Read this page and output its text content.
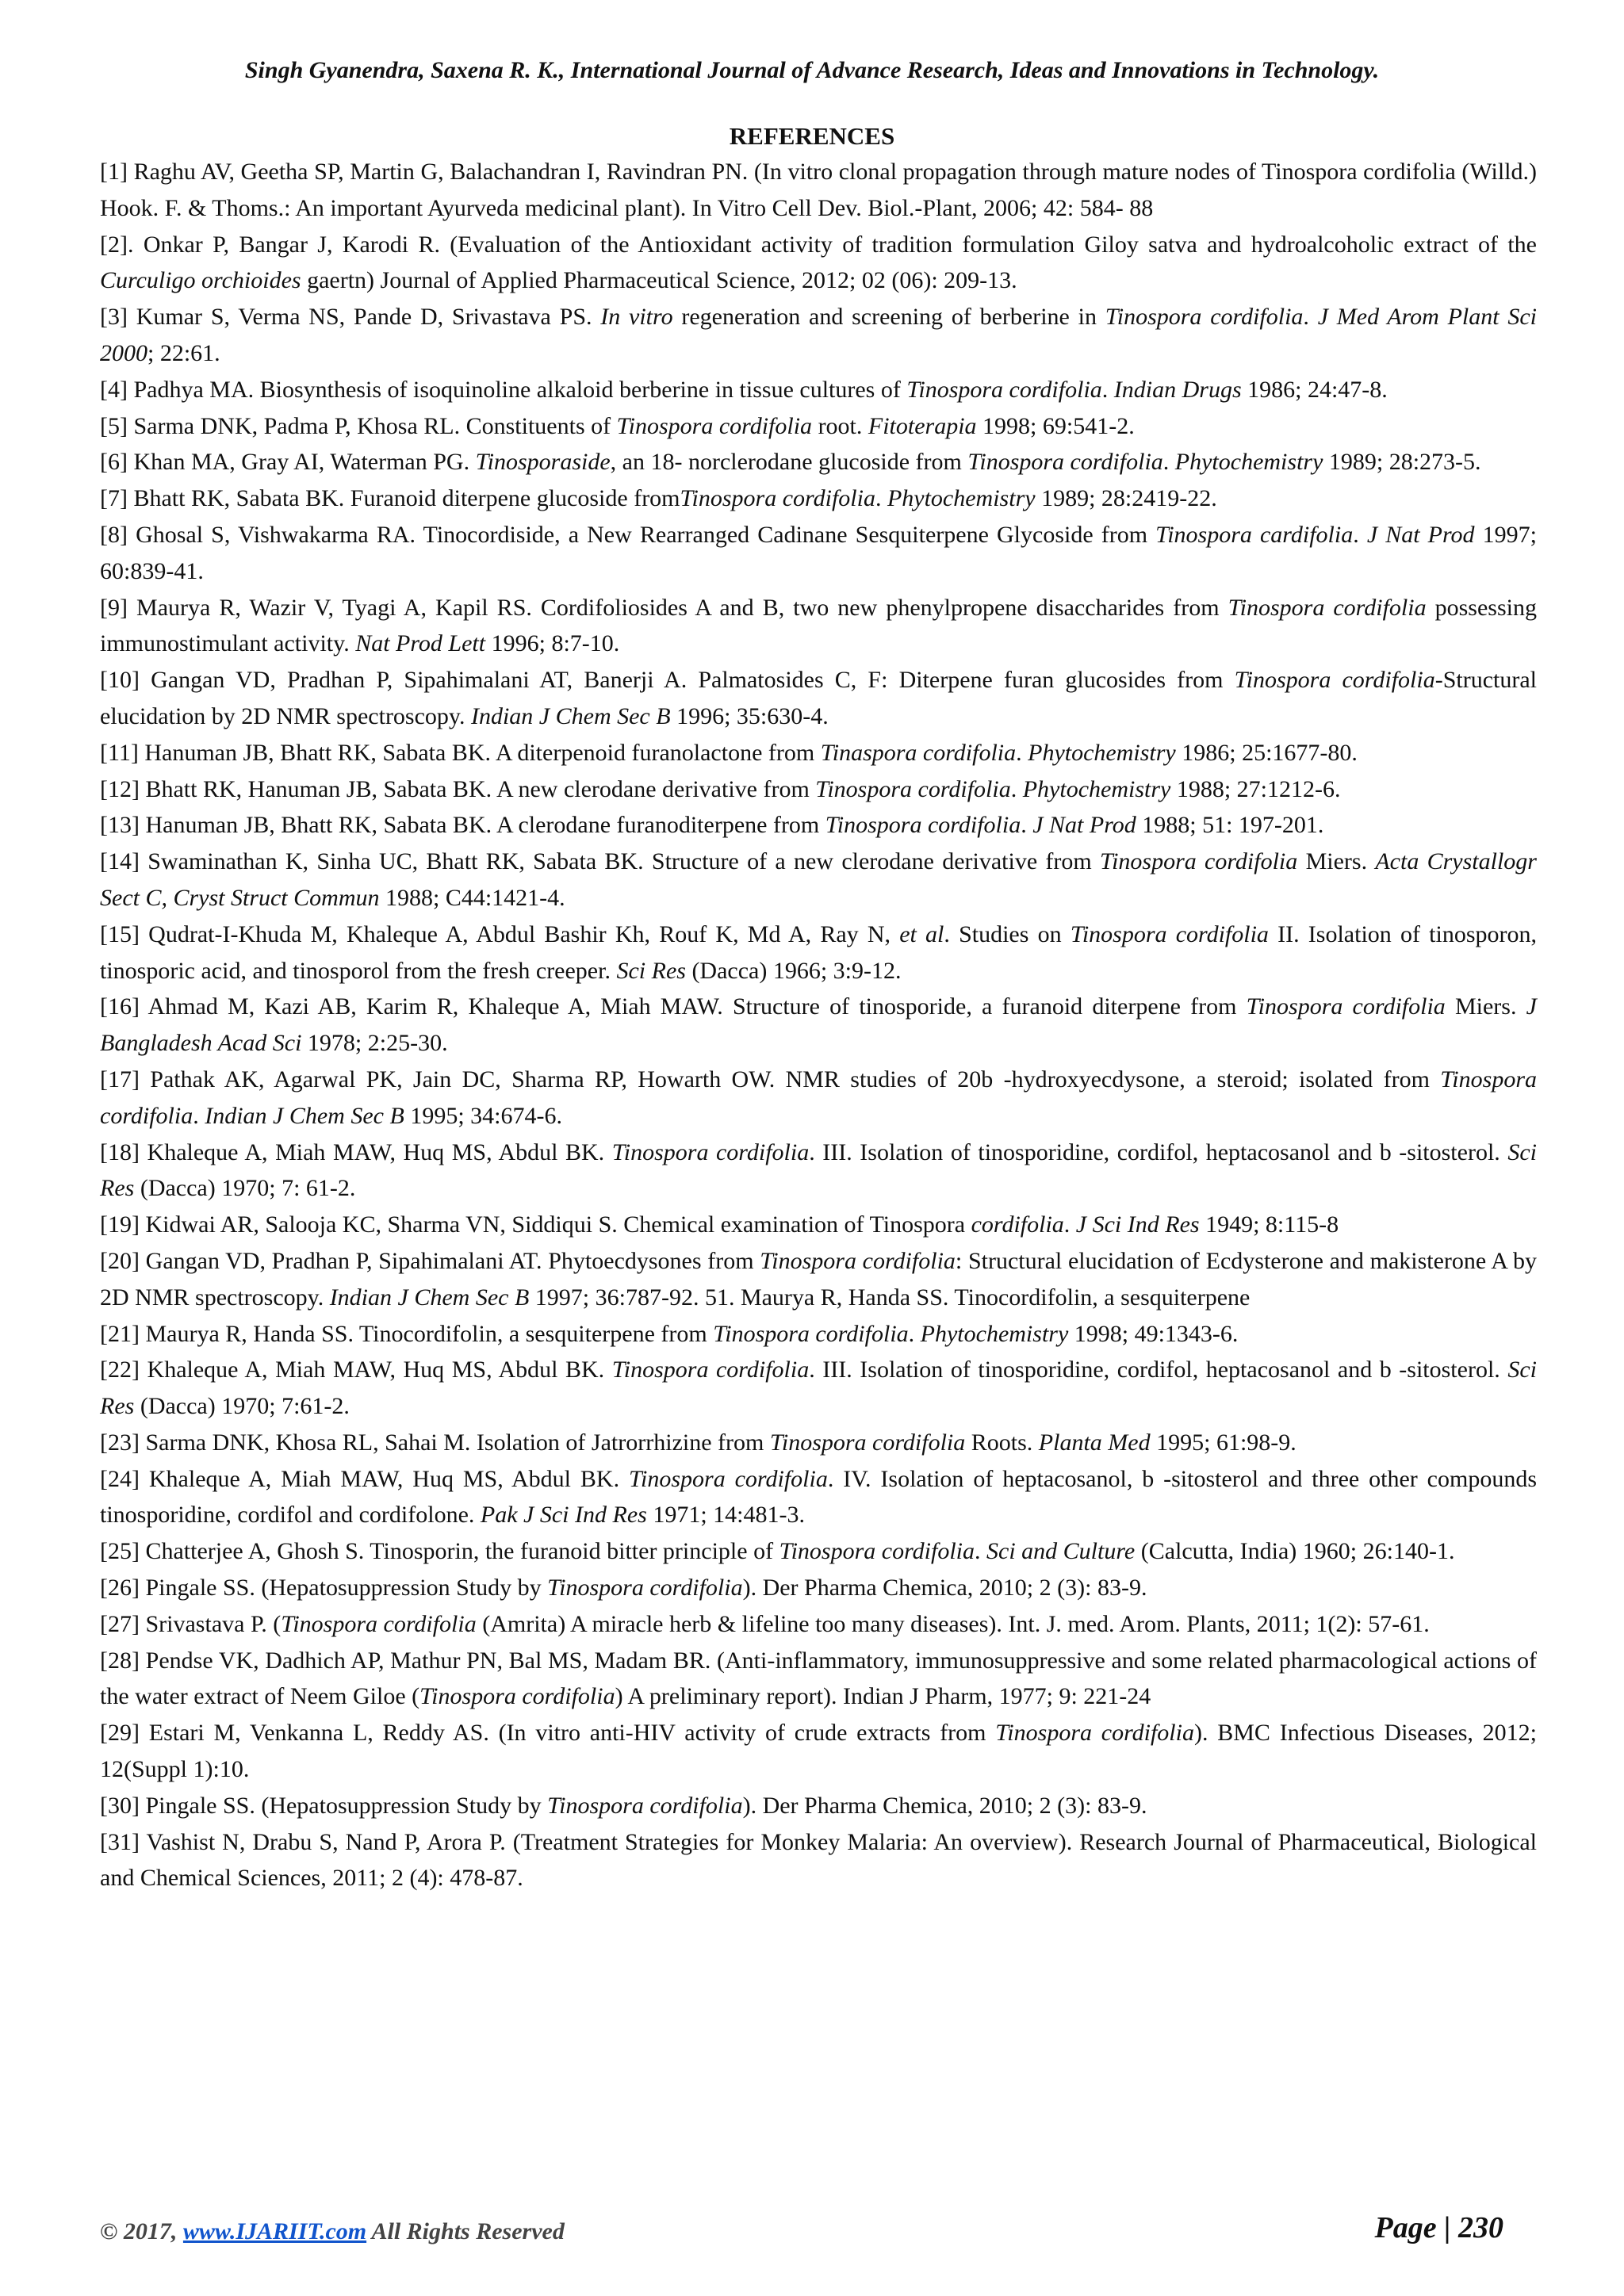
Singh Gyanendra, Saxena R. K., International Journal of Advance Research, Ideas and Innovations in Technology.
REFERENCES

[1] Raghu AV, Geetha SP, Martin G, Balachandran I, Ravindran PN. (In vitro clonal propagation through mature nodes of Tinospora cordifolia (Willd.) Hook. F. & Thoms.: An important Ayurveda medicinal plant). In Vitro Cell Dev. Biol.-Plant, 2006; 42: 584- 88

[2]. Onkar P, Bangar J, Karodi R. (Evaluation of the Antioxidant activity of tradition formulation Giloy satva and hydroalcoholic extract of the Curculigo orchioides gaertn) Journal of Applied Pharmaceutical Science, 2012; 02 (06): 209-13.

[3] Kumar S, Verma NS, Pande D, Srivastava PS. In vitro regeneration and screening of berberine in Tinospora cordifolia. J Med Arom Plant Sci 2000; 22:61.

[4] Padhya MA. Biosynthesis of isoquinoline alkaloid berberine in tissue cultures of Tinospora cordifolia. Indian Drugs 1986; 24:47-8.

[5] Sarma DNK, Padma P, Khosa RL. Constituents of Tinospora cordifolia root. Fitoterapia 1998; 69:541-2.

[6] Khan MA, Gray AI, Waterman PG. Tinosporaside, an 18- norclerodane glucoside from Tinospora cordifolia. Phytochemistry 1989; 28:273-5.

[7] Bhatt RK, Sabata BK. Furanoid diterpene glucoside fromTinospora cordifolia. Phytochemistry 1989; 28:2419-22.

[8] Ghosal S, Vishwakarma RA. Tinocordiside, a New Rearranged Cadinane Sesquiterpene Glycoside from Tinospora cardifolia. J Nat Prod 1997; 60:839-41.

[9] Maurya R, Wazir V, Tyagi A, Kapil RS. Cordifoliosides A and B, two new phenylpropene disaccharides from Tinospora cordifolia possessing immunostimulant activity. Nat Prod Lett 1996; 8:7-10.

[10] Gangan VD, Pradhan P, Sipahimalani AT, Banerji A. Palmatosides C, F: Diterpene furan glucosides from Tinospora cordifolia-Structural elucidation by 2D NMR spectroscopy. Indian J Chem Sec B 1996; 35:630-4.

[11] Hanuman JB, Bhatt RK, Sabata BK. A diterpenoid furanolactone from Tinaspora cordifolia. Phytochemistry 1986; 25:1677-80.

[12] Bhatt RK, Hanuman JB, Sabata BK. A new clerodane derivative from Tinospora cordifolia. Phytochemistry 1988; 27:1212-6.

[13] Hanuman JB, Bhatt RK, Sabata BK. A clerodane furanoditerpene from Tinospora cordifolia. J Nat Prod 1988; 51: 197-201.

[14] Swaminathan K, Sinha UC, Bhatt RK, Sabata BK. Structure of a new clerodane derivative from Tinospora cordifolia Miers. Acta Crystallogr Sect C, Cryst Struct Commun 1988; C44:1421-4.

[15] Qudrat-I-Khuda M, Khaleque A, Abdul Bashir Kh, Rouf K, Md A, Ray N, et al. Studies on Tinospora cordifolia II. Isolation of tinosporon, tinosporic acid, and tinosporol from the fresh creeper. Sci Res (Dacca) 1966; 3:9-12.

[16] Ahmad M, Kazi AB, Karim R, Khaleque A, Miah MAW. Structure of tinosporide, a furanoid diterpene from Tinospora cordifolia Miers. J Bangladesh Acad Sci 1978; 2:25-30.

[17] Pathak AK, Agarwal PK, Jain DC, Sharma RP, Howarth OW. NMR studies of 20b -hydroxyecdysone, a steroid; isolated from Tinospora cordifolia. Indian J Chem Sec B 1995; 34:674-6.

[18] Khaleque A, Miah MAW, Huq MS, Abdul BK. Tinospora cordifolia. III. Isolation of tinosporidine, cordifol, heptacosanol and b -sitosterol. Sci Res (Dacca) 1970; 7: 61-2.

[19] Kidwai AR, Salooja KC, Sharma VN, Siddiqui S. Chemical examination of Tinospora cordifolia. J Sci Ind Res 1949; 8:115-8

[20] Gangan VD, Pradhan P, Sipahimalani AT. Phytoecdysones from Tinospora cordifolia: Structural elucidation of Ecdysterone and makisterone A by 2D NMR spectroscopy. Indian J Chem Sec B 1997; 36:787-92. 51. Maurya R, Handa SS. Tinocordifolin, a sesquiterpene

[21] Maurya R, Handa SS. Tinocordifolin, a sesquiterpene from Tinospora cordifolia. Phytochemistry 1998; 49:1343-6.

[22] Khaleque A, Miah MAW, Huq MS, Abdul BK. Tinospora cordifolia. III. Isolation of tinosporidine, cordifol, heptacosanol and b -sitosterol. Sci Res (Dacca) 1970; 7:61-2.

[23] Sarma DNK, Khosa RL, Sahai M. Isolation of Jatrorrhizine from Tinospora cordifolia Roots. Planta Med 1995; 61:98-9.

[24] Khaleque A, Miah MAW, Huq MS, Abdul BK. Tinospora cordifolia. IV. Isolation of heptacosanol, b -sitosterol and three other compounds tinosporidine, cordifol and cordifolone. Pak J Sci Ind Res 1971; 14:481-3.

[25] Chatterjee A, Ghosh S. Tinosporin, the furanoid bitter principle of Tinospora cordifolia. Sci and Culture (Calcutta, India) 1960; 26:140-1.

[26] Pingale SS. (Hepatosuppression Study by Tinospora cordifolia). Der Pharma Chemica, 2010; 2 (3): 83-9.

[27] Srivastava P. (Tinospora cordifolia (Amrita) A miracle herb & lifeline too many diseases). Int. J. med. Arom. Plants, 2011; 1(2): 57-61.

[28] Pendse VK, Dadhich AP, Mathur PN, Bal MS, Madam BR. (Anti-inflammatory, immunosuppressive and some related pharmacological actions of the water extract of Neem Giloe (Tinospora cordifolia) A preliminary report). Indian J Pharm, 1977; 9: 221-24

[29] Estari M, Venkanna L, Reddy AS. (In vitro anti-HIV activity of crude extracts from Tinospora cordifolia). BMC Infectious Diseases, 2012; 12(Suppl 1):10.

[30] Pingale SS. (Hepatosuppression Study by Tinospora cordifolia). Der Pharma Chemica, 2010; 2 (3): 83-9.

[31] Vashist N, Drabu S, Nand P, Arora P. (Treatment Strategies for Monkey Malaria: An overview). Research Journal of Pharmaceutical, Biological and Chemical Sciences, 2011; 2 (4): 478-87.

© 2017, www.IJARIIT.com All Rights Reserved	Page | 230
